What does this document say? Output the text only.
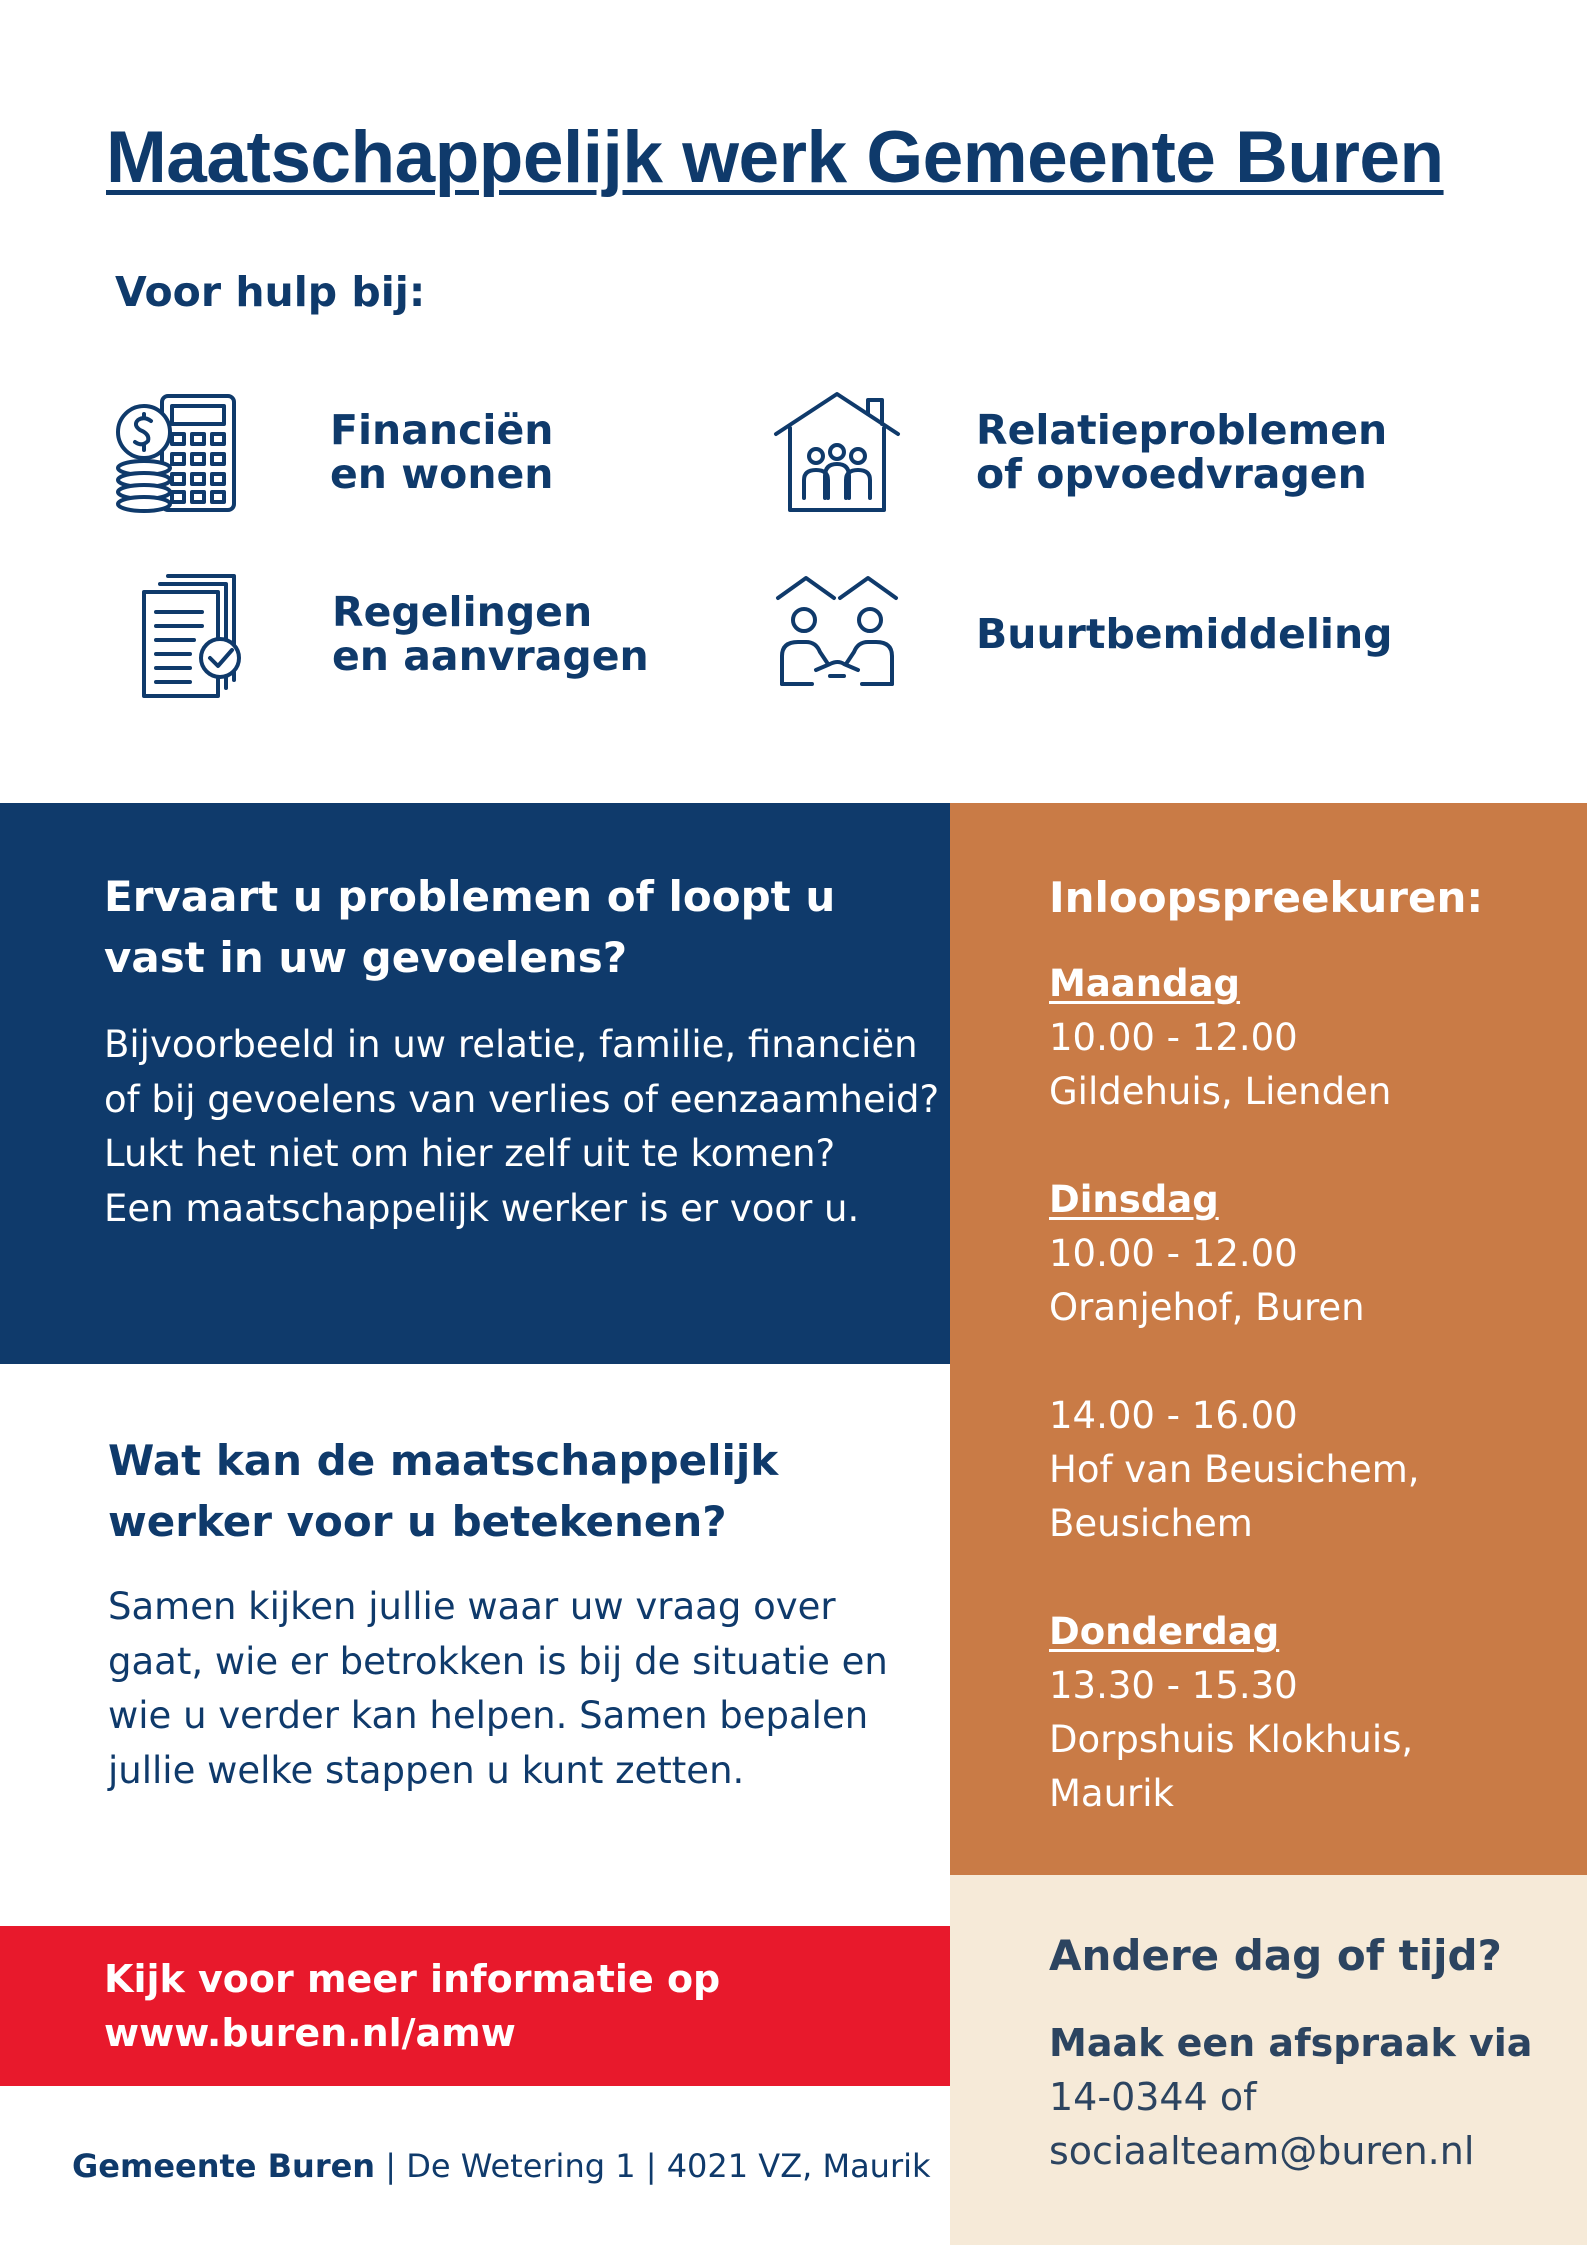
Maatschappelijk werk Gemeente Buren
Voor hulp bij:
Financiën
en wonen
Relatieproblemen
of opvoedvragen
Regelingen
en aanvragen	Buurtbemiddeling
Ervaart u problemen of loopt u vast in uw gevoelens?
Bijvoorbeeld in uw relatie, familie, financiën of bij gevoelens van verlies of eenzaamheid? Lukt het niet om hier zelf uit te komen?
Een maatschappelijk werker is er voor u.
Wat kan de maatschappelijk werker voor u betekenen?
Samen kijken jullie waar uw vraag over gaat, wie er betrokken is bij de situatie en wie u verder kan helpen. Samen bepalen jullie welke stappen u kunt zetten.
Inloopspreekuren:
Maandag
10.00 - 12.00
Gildehuis, Lienden
Dinsdag
10.00 - 12.00
Oranjehof, Buren
14.00 - 16.00
Hof van Beusichem,
Beusichem
Donderdag
13.30 - 15.30
Dorpshuis Klokhuis,
Maurik
Andere dag of tijd?
Maak een afspraak via
14-0344 of
sociaalteam@buren.nl
Kijk voor meer informatie op
www.buren.nl/amw
Gemeente Buren | De Wetering 1 | 4021 VZ, Maurik
